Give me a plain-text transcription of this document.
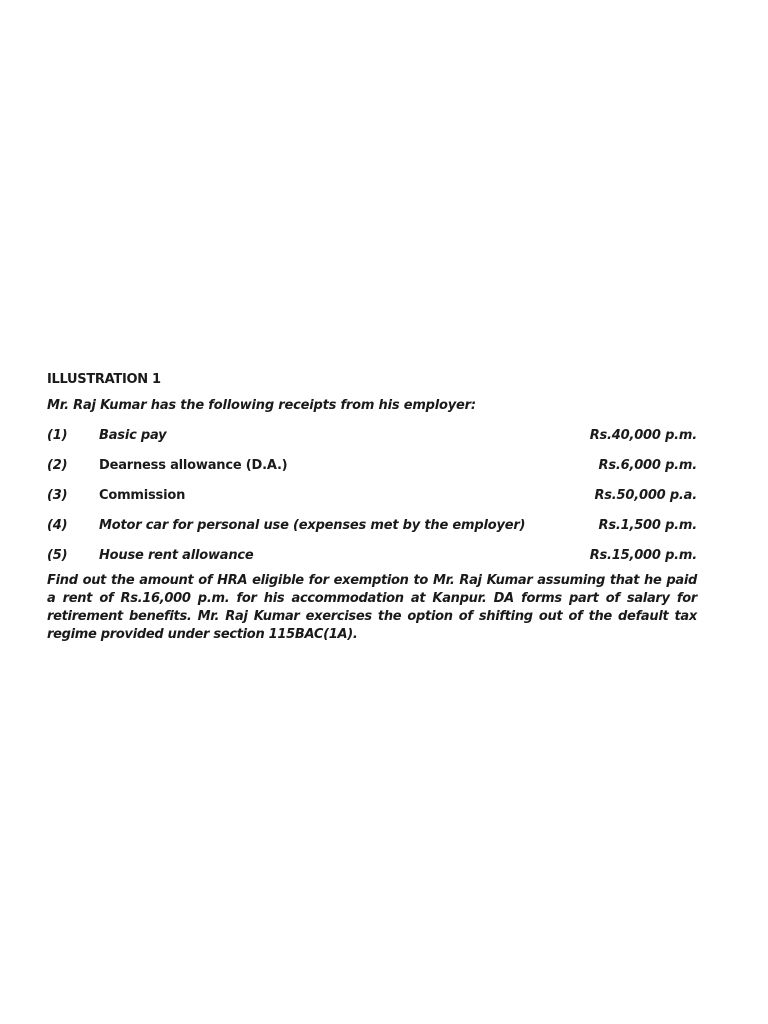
ILLUSTRATION 1

Mr. Raj Kumar has the following receipts from his employer:

(1)	Basic pay	Rs.40,000 p.m.
(2)	Dearness allowance (D.A.)	Rs.6,000 p.m.
(3)	Commission	Rs.50,000 p.a.
(4)	Motor car for personal use (expenses met by the employer)	Rs.1,500 p.m.
(5)	House rent allowance	Rs.15,000 p.m.

Find out the amount of HRA eligible for exemption to Mr. Raj Kumar assuming that he paid a rent of Rs.16,000 p.m. for his accommodation at Kanpur. DA forms part of salary for retirement benefits. Mr. Raj Kumar exercises the option of shifting out of the default tax regime provided under section 115BAC(1A).
